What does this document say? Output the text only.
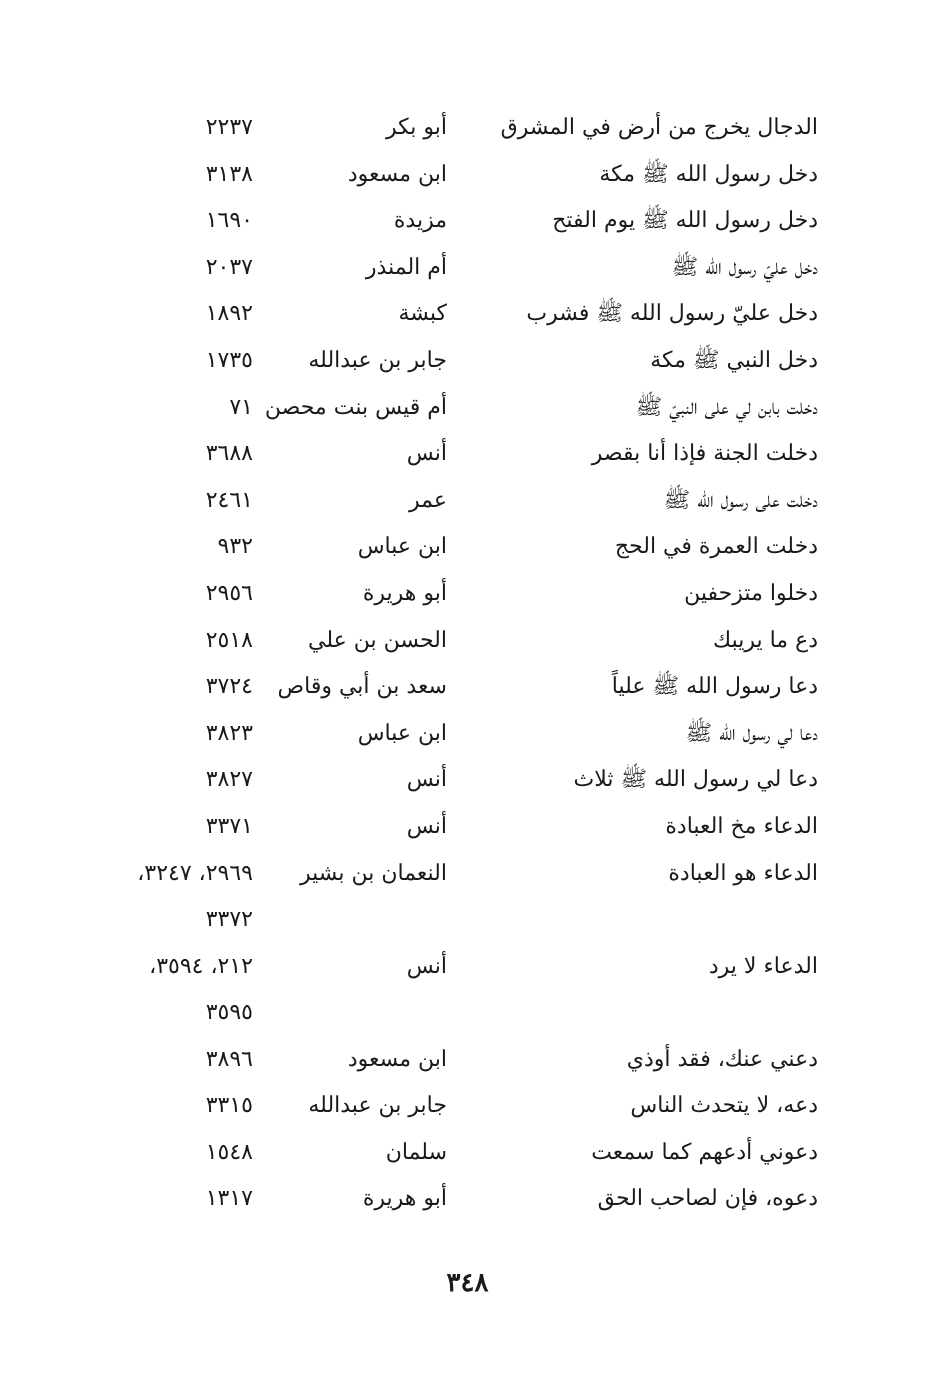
الدجال يخرج من أرض في المشرق
أبو بكر
٢٢٣٧
دخل رسول الله ﷺ مكة
ابن مسعود
٣١٣٨
دخل رسول الله ﷺ يوم الفتح
مزيدة
١٦٩٠
دخل عليّ رسول الله ﷺ
أم المنذر
٢٠٣٧
دخل عليّ رسول الله ﷺ فشرب
كبشة
١٨٩٢
دخل النبي ﷺ مكة
جابر بن عبدالله
١٧٣٥
دخلت بابن لي على النبيّ ﷺ
أم قيس بنت محصن
٧١
دخلت الجنة فإذا أنا بقصر
أنس
٣٦٨٨
دخلت على رسول الله ﷺ
عمر
٢٤٦١
دخلت العمرة في الحج
ابن عباس
٩٣٢
دخلوا متزحفين
أبو هريرة
٢٩٥٦
دع ما يريبك
الحسن بن علي
٢٥١٨
دعا رسول الله ﷺ علياً
سعد بن أبي وقاص
٣٧٢٤
دعا لي رسول الله ﷺ
ابن عباس
٣٨٢٣
دعا لي رسول الله ﷺ ثلاث
أنس
٣٨٢٧
الدعاء مخ العبادة
أنس
٣٣٧١
الدعاء هو العبادة
النعمان بن بشير
٢٩٦٩، ٣٢٤٧،
٣٣٧٢
الدعاء لا يرد
أنس
٢١٢، ٣٥٩٤،
٣٥٩٥
دعني عنك، فقد أوذي
ابن مسعود
٣٨٩٦
دعه، لا يتحدث الناس
جابر بن عبدالله
٣٣١٥
دعوني أدعهم كما سمعت
سلمان
١٥٤٨
دعوه، فإن لصاحب الحق
أبو هريرة
١٣١٧
٣٤٨
